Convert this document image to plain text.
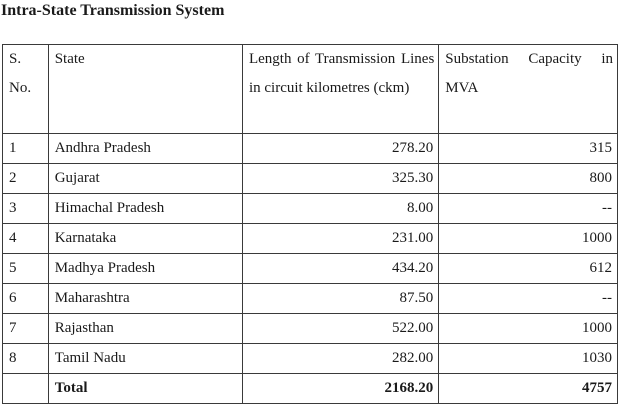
Intra-State Transmission System
S. No.	State	Length of Transmission Lines in circuit kilometres (ckm)	Substation Capacity in MVA
1	Andhra Pradesh	278.20	315
2	Gujarat	325.30	800
3	Himachal Pradesh	8.00	--
4	Karnataka	231.00	1000
5	Madhya Pradesh	434.20	612
6	Maharashtra	87.50	--
7	Rajasthan	522.00	1000
8	Tamil Nadu	282.00	1030
	Total	2168.20	4757
